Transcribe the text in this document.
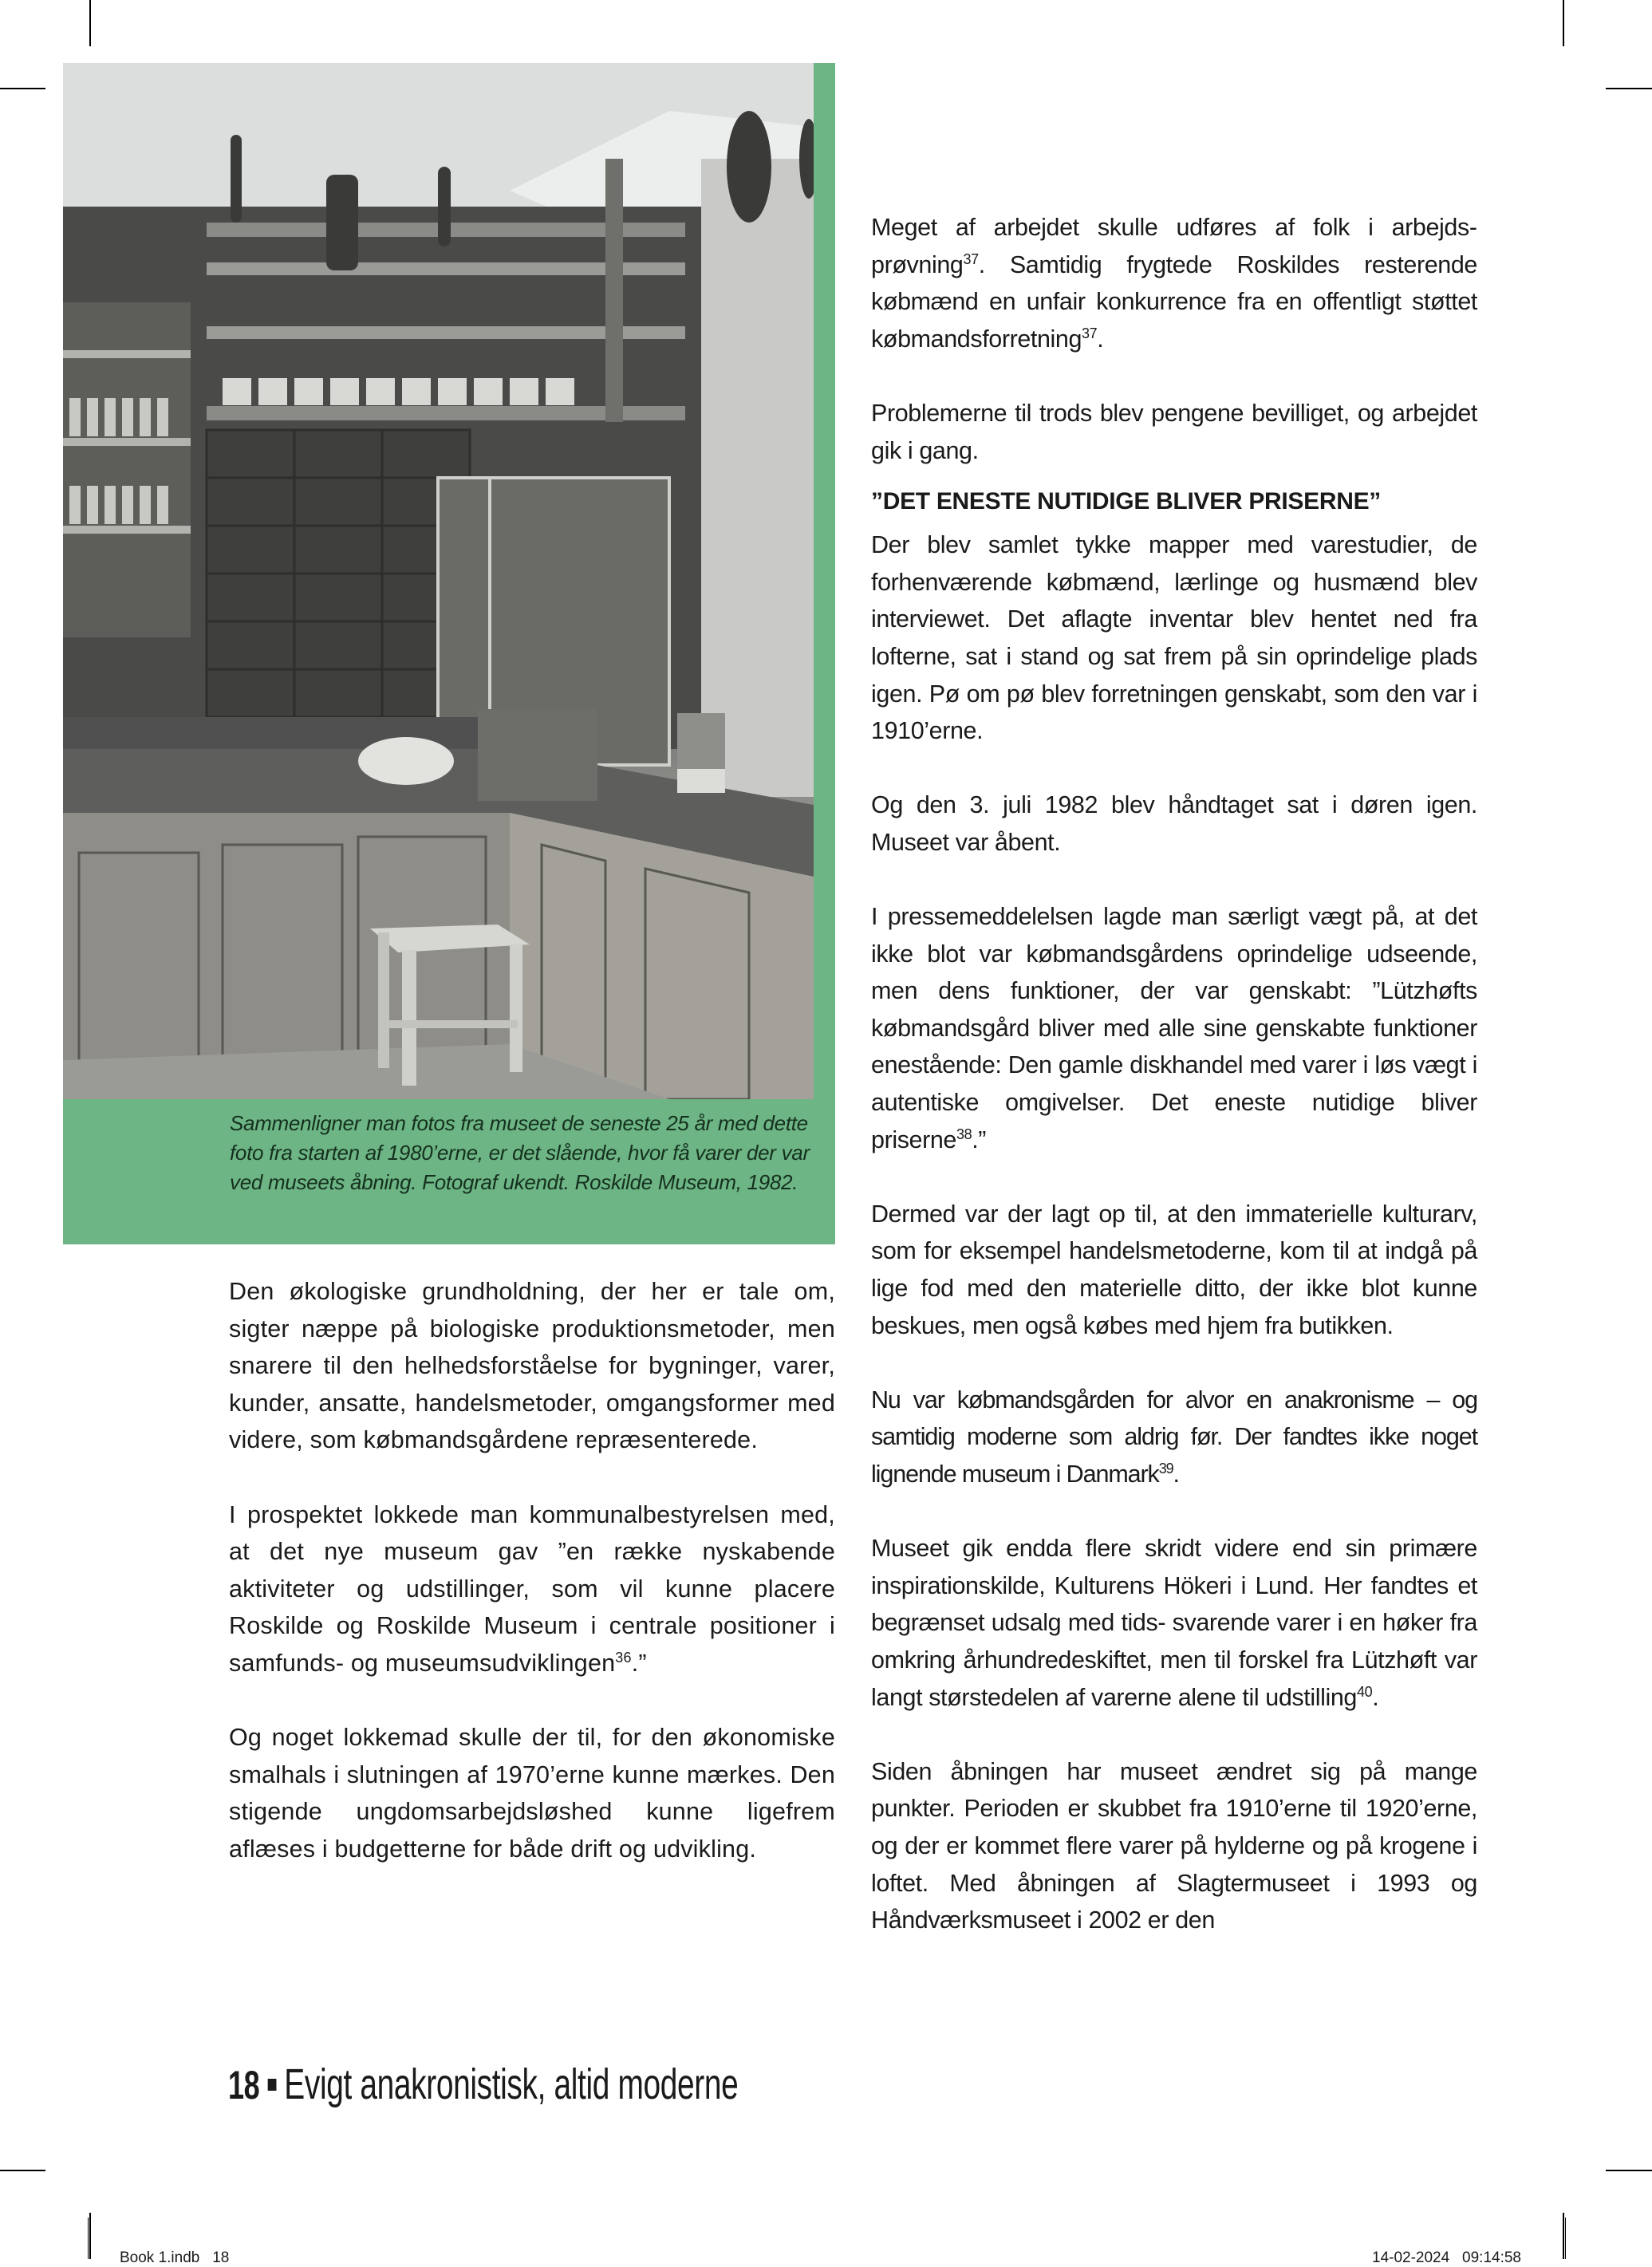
Sammenligner man fotos fra museet de seneste 25 år med dette foto fra starten af 1980’erne, er det slående, hvor få varer der var ved museets åbning. Fotograf ukendt. Roskilde Museum, 1982.

Meget af arbejdet skulle udføres af folk i arbejdsprøvning$^{37}$. Samtidig frygtede Roskildes resterende købmænd en unfair konkurrence fra en offentligt støttet købmandsforretning$^{37}$.

Problemerne til trods blev pengene bevilliget, og arbejdet gik i gang.

”DET ENESTE NUTIDIGE BLIVER PRISERNE”

Der blev samlet tykke mapper med varestudier, de forhenværende købmænd, lærlinge og husmænd blev interviewet. Det aflagte inventar blev hentet ned fra lofterne, sat i stand og sat frem på sin oprindelige plads igen. Pø om pø blev forretningen genskabt, som den var i 1910’erne.

Og den 3. juli 1982 blev håndtaget sat i døren igen. Museet var åbent.

I pressemeddelelsen lagde man særligt vægt på, at det ikke blot var købmandsgårdens oprindelige udseende, men dens funktioner, der var genskabt: ”Lützhøfts købmandsgård bliver med alle sine genskabte funktioner enestående: Den gamle diskhandel med varer i løs vægt i autentiske omgivelser. Det eneste nutidige bliver priserne$^{38}$.”

Dermed var der lagt op til, at den immaterielle kulturarv, som for eksempel handelsmetoderne, kom til at indgå på lige fod med den materielle ditto, der ikke blot kunne beskues, men også købes med hjem fra butikken.

Nu var købmandsgården for alvor en anakronisme – og samtidig moderne som aldrig før. Der fandtes ikke noget lignende museum i Danmark$^{39}$.

Museet gik endda flere skridt videre end sin primære inspirationskilde, Kulturens Hökeri i Lund. Her fandtes et begrænset udsalg med tids- svarende varer i en høker fra omkring århundredeskiftet, men til forskel fra Lützhøft var langt størstedelen af varerne alene til udstilling$^{40}$.

Siden åbningen har museet ændret sig på mange punkter. Perioden er skubbet fra 1910’erne til 1920’erne, og der er kommet flere varer på hylderne og på krogene i loftet. Med åbningen af Slagtermuseet i 1993 og Håndværksmuseet i 2002 er den

Den økologiske grundholdning, der her er tale om, sigter næppe på biologiske produktionsmetoder, men snarere til den helhedsforståelse for bygninger, varer, kunder, ansatte, handelsmetoder, omgangsformer med videre, som købmandsgårdene repræsenterede.

I prospektet lokkede man kommunalbestyrelsen med, at det nye museum gav ”en række nyskabende aktiviteter og udstillinger, som vil kunne placere Roskilde og Roskilde Museum i centrale positioner i samfunds- og museumsudviklingen$^{36}$.”

Og noget lokkemad skulle der til, for den økonomiske smalhals i slutningen af 1970’erne kunne mærkes. Den stigende ungdomsarbejdsløshed kunne ligefrem aflæses i budgetterne for både drift og udvikling.

18 Evigt anakronistisk, altid moderne
Book 1.indb   18	14-02-2024   09:14:58
